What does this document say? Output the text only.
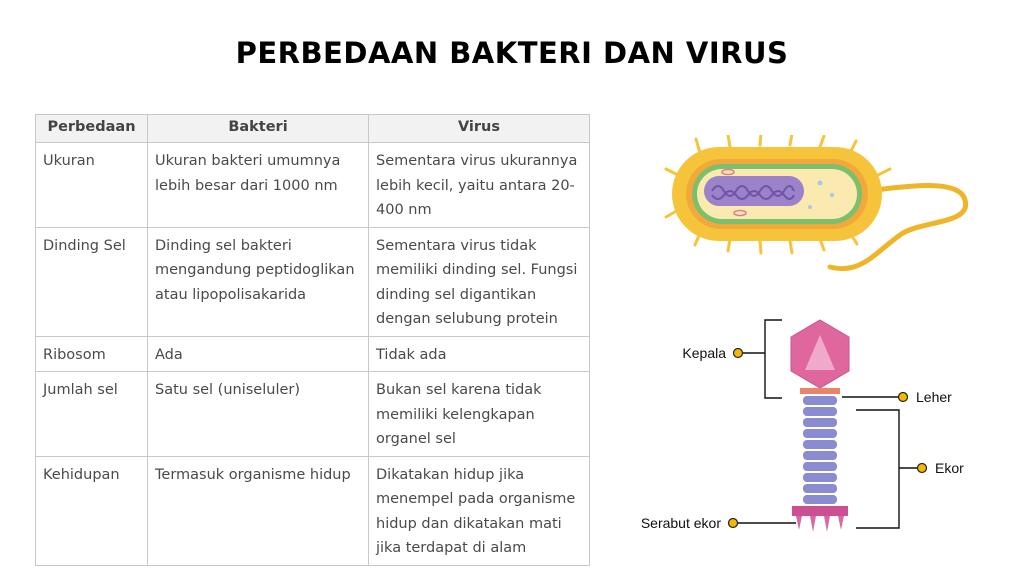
PERBEDAAN BAKTERI DAN VIRUS
Perbedaan	Bakteri	Virus
Ukuran	Ukuran bakteri umumnya lebih besar dari 1000 nm	Sementara virus ukurannya lebih kecil, yaitu antara 20-400 nm
Dinding Sel	Dinding sel bakteri mengandung peptidoglikan atau lipopolisakarida	Sementara virus tidak memiliki dinding sel. Fungsi dinding sel digantikan dengan selubung protein
Ribosom	Ada	Tidak ada
Jumlah sel	Satu sel (uniseluler)	Bukan sel karena tidak memiliki kelengkapan organel sel
Kehidupan	Termasuk organisme hidup	Dikatakan hidup jika menempel pada organisme hidup dan dikatakan mati jika terdapat di alam
Kepala
Leher
Ekor
Serabut ekor
